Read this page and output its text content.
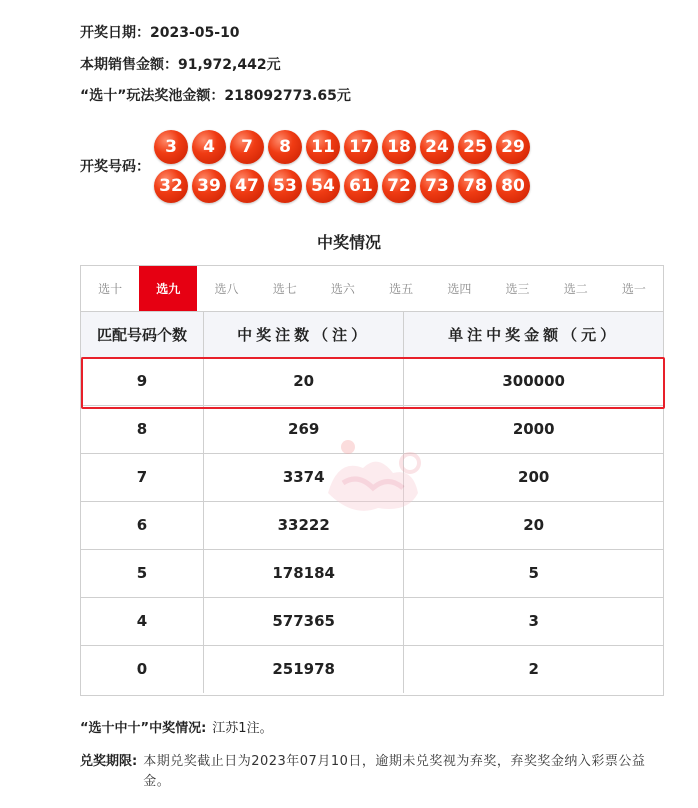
开奖日期：2023-05-10
本期销售金额：91,972,442元
“选十”玩法奖池金额：218092773.65元
开奖号码：
3	4	7	8	11 17 18 24 25 29
32 39 47 53 54 61 72 73 78 80
中奖情况
选十	选九	选八	选七	选六	选五	选四	选三	选二	选一
匹配号码个数	中奖注数（注）	单注中奖金额（元）
9	20	300000
8	269	2000
7	3374	200
6	33222	20
5	178184	5
4	577365	3
0	251978	2
“选十中十”中奖情况: 江苏1注。
兑奖期限: 本期兑奖截止日为2023年07月10日，逾期未兑奖视为弃奖，弃奖奖金纳入彩票公益金。
